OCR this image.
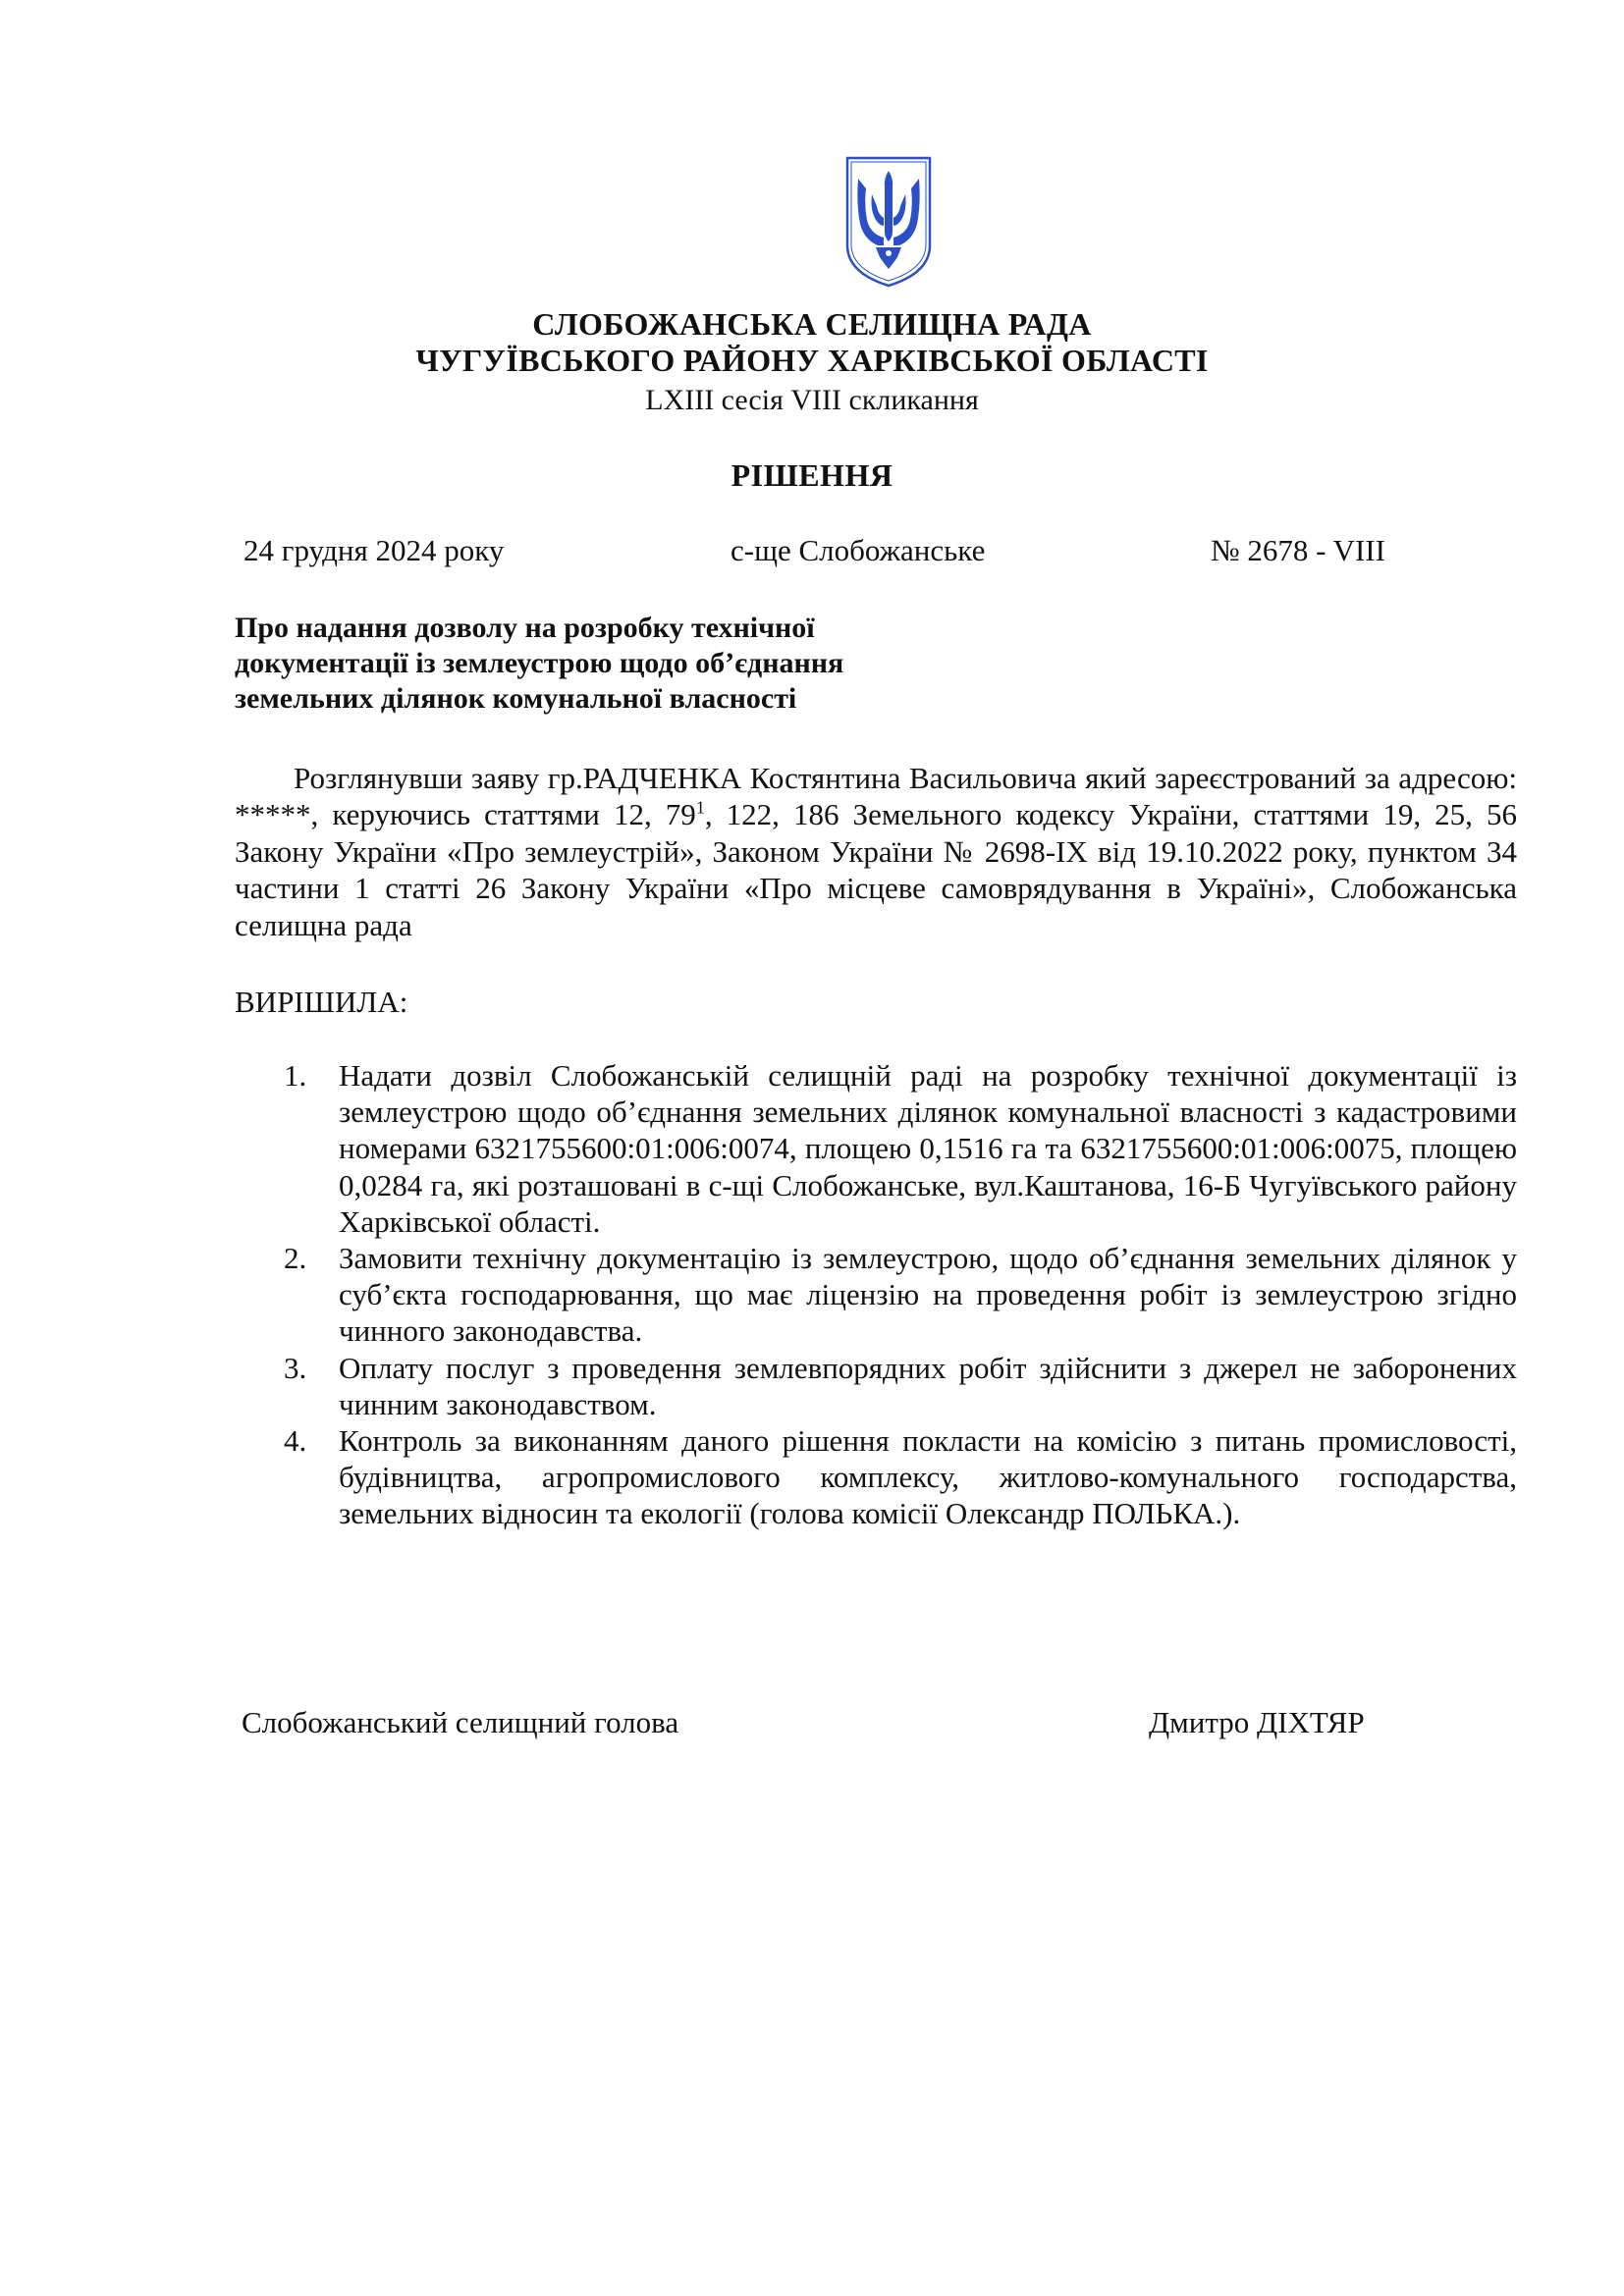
СЛОБОЖАНСЬКА СЕЛИЩНА РАДА
ЧУГУЇВСЬКОГО РАЙОНУ ХАРКІВСЬКОЇ ОБЛАСТІ
LXIII сесія VIII скликання
РІШЕННЯ
24 грудня 2024 року	с-ще Слобожанське	№ 2678 - VIII
Про надання дозволу на розробку технічної
документації із землеустрою щодо об’єднання
земельних ділянок комунальної власності

Розглянувши заяву гр.РАДЧЕНКА Костянтина Васильовича який зареєстрований за адресою: *****, керуючись статтями 12, $79^1$, 122, 186 Земельного кодексу України, статтями 19, 25, 56 Закону України «Про землеустрій», Законом України № 2698-IX від 19.10.2022 року, пунктом 34 частини 1 статті 26 Закону України «Про місцеве самоврядування в Україні», Слобожанська селищна рада

ВИРІШИЛА:
1. Надати дозвіл Слобожанській селищній раді на розробку технічної документації із землеустрою щодо об’єднання земельних ділянок комунальної власності з кадастровими номерами 6321755600:01:006:0074, площею 0,1516 га та 6321755600:01:006:0075, площею 0,0284 га, які розташовані в с-щі Слобожанське, вул.Каштанова, 16-Б Чугуївського району Харківської області.
2. Замовити технічну документацію із землеустрою, щодо об’єднання земельних ділянок у суб’єкта господарювання, що має ліцензію на проведення робіт із землеустрою згідно чинного законодавства.
3. Оплату послуг з проведення землевпорядних робіт здійснити з джерел не заборонених чинним законодавством.
4. Контроль за виконанням даного рішення покласти на комісію з питань промисловості, будівництва, агропромислового комплексу, житлово-комунального господарства, земельних відносин та екології (голова комісії Олександр ПОЛЬКА.).
Слобожанський селищний голова	Дмитро ДІХТЯР
